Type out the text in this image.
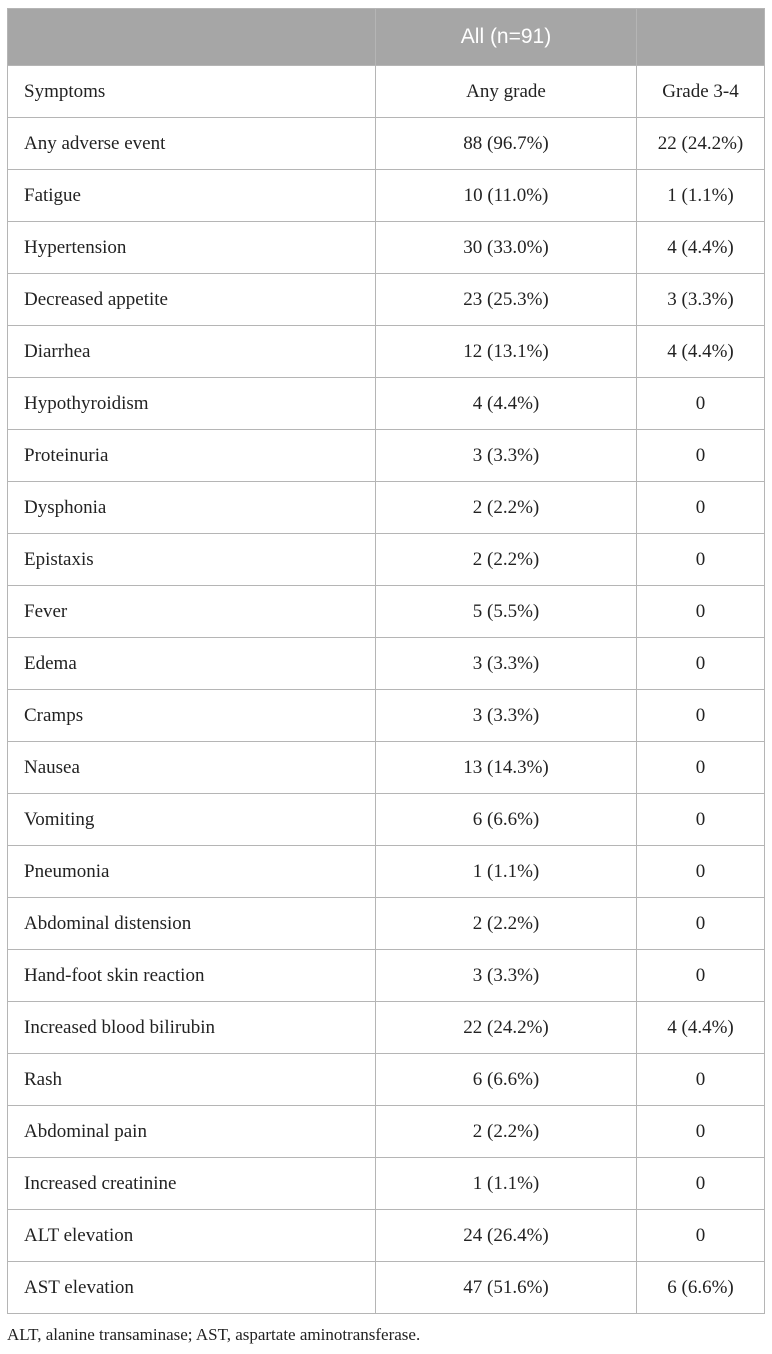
	All (n=91)	
Symptoms	Any grade	Grade 3-4
Any adverse event	88 (96.7%)	22 (24.2%)
Fatigue	10 (11.0%)	1 (1.1%)
Hypertension	30 (33.0%)	4 (4.4%)
Decreased appetite	23 (25.3%)	3 (3.3%)
Diarrhea	12 (13.1%)	4 (4.4%)
Hypothyroidism	4 (4.4%)	0
Proteinuria	3 (3.3%)	0
Dysphonia	2 (2.2%)	0
Epistaxis	2 (2.2%)	0
Fever	5 (5.5%)	0
Edema	3 (3.3%)	0
Cramps	3 (3.3%)	0
Nausea	13 (14.3%)	0
Vomiting	6 (6.6%)	0
Pneumonia	1 (1.1%)	0
Abdominal distension	2 (2.2%)	0
Hand-foot skin reaction	3 (3.3%)	0
Increased blood bilirubin	22 (24.2%)	4 (4.4%)
Rash	6 (6.6%)	0
Abdominal pain	2 (2.2%)	0
Increased creatinine	1 (1.1%)	0
ALT elevation	24 (26.4%)	0
AST elevation	47 (51.6%)	6 (6.6%)
ALT, alanine transaminase; AST, aspartate aminotransferase.
